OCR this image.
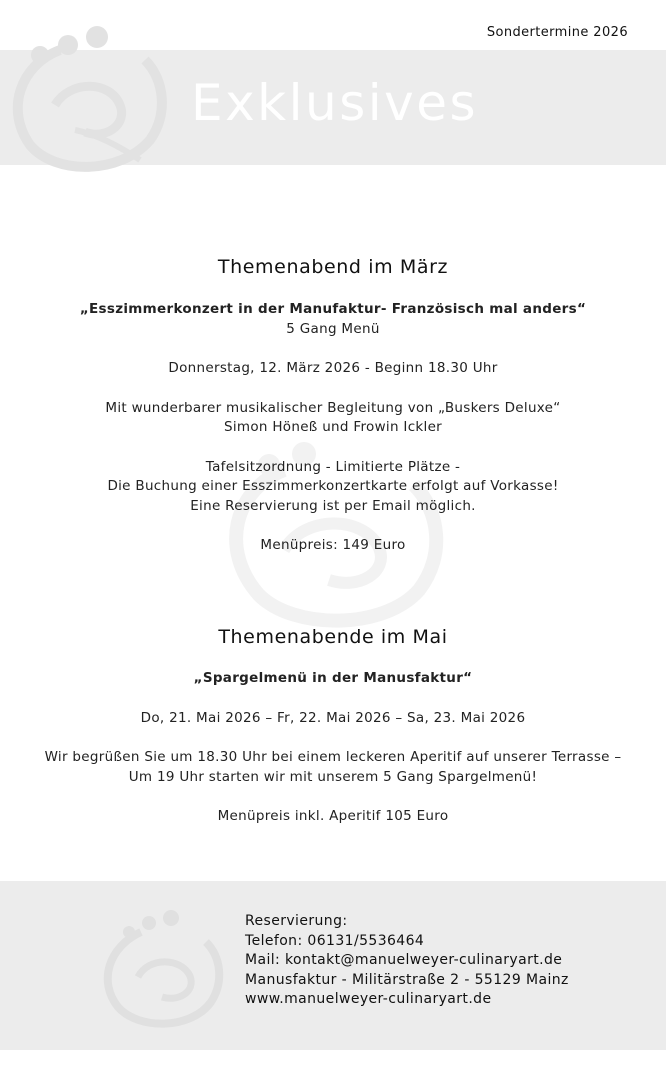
Sondertermine 2026
Exklusives
Themenabend im März
„Esszimmerkonzert in der Manufaktur- Französisch mal anders“
5 Gang Menü
Donnerstag, 12. März 2026 - Beginn 18.30 Uhr
Mit wunderbarer musikalischer Begleitung von „Buskers Deluxe“
Simon Höneß und Frowin Ickler
Tafelsitzordnung - Limitierte Plätze -
Die Buchung einer Esszimmerkonzertkarte erfolgt auf Vorkasse!
Eine Reservierung ist per Email möglich.
Menüpreis: 149 Euro
Themenabende im Mai
„Spargelmenü in der Manusfaktur“
Do, 21. Mai 2026 – Fr, 22. Mai 2026 – Sa, 23. Mai 2026
Wir begrüßen Sie um 18.30 Uhr bei einem leckeren Aperitif auf unserer Terrasse –
Um 19 Uhr starten wir mit unserem 5 Gang Spargelmenü!
Menüpreis inkl. Aperitif 105 Euro
Reservierung:
Telefon: 06131/5536464
Mail: kontakt@manuelweyer-culinaryart.de
Manusfaktur - Militärstraße 2 - 55129 Mainz
www.manuelweyer-culinaryart.de
